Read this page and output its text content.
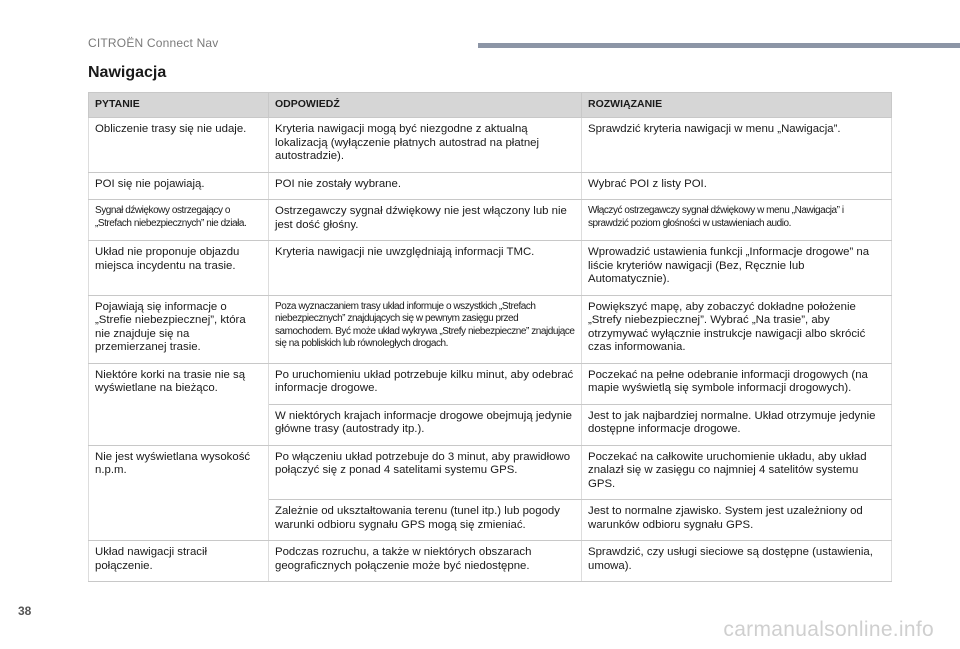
CITROËN Connect Nav
Nawigacja
PYTANIE	ODPOWIEDŹ	ROZWIĄZANIE
Obliczenie trasy się nie udaje.	Kryteria nawigacji mogą być niezgodne z aktualną lokalizacją (wyłączenie płatnych autostrad na płatnej autostradzie).	Sprawdzić kryteria nawigacji w menu „Nawigacja”.
POI się nie pojawiają.	POI nie zostały wybrane.	Wybrać POI z listy POI.
Sygnał dźwiękowy ostrzegający o „Strefach niebezpiecznych” nie działa.	Ostrzegawczy sygnał dźwiękowy nie jest włączony lub nie jest dość głośny.	Włączyć ostrzegawczy sygnał dźwiękowy w menu „Nawigacja” i sprawdzić poziom głośności w ustawieniach audio.
Układ nie proponuje objazdu miejsca incydentu na trasie.	Kryteria nawigacji nie uwzględniają informacji TMC.	Wprowadzić ustawienia funkcji „Informacje drogowe” na liście kryteriów nawigacji (Bez, Ręcznie lub Automatycznie).
Pojawiają się informacje o „Strefie niebezpiecznej”, która nie znajduje się na przemierzanej trasie.	Poza wyznaczaniem trasy układ informuje o wszystkich „Strefach niebezpiecznych” znajdujących się w pewnym zasięgu przed samochodem. Być może układ wykrywa „Strefy niebezpieczne” znajdujące się na pobliskich lub równoległych drogach.	Powiększyć mapę, aby zobaczyć dokładne położenie „Strefy niebezpiecznej”. Wybrać „Na trasie”, aby otrzymywać wyłącznie instrukcje nawigacji albo skrócić czas informowania.
Niektóre korki na trasie nie są wyświetlane na bieżąco.	Po uruchomieniu układ potrzebuje kilku minut, aby odebrać informacje drogowe.	Poczekać na pełne odebranie informacji drogowych (na mapie wyświetlą się symbole informacji drogowych).
	W niektórych krajach informacje drogowe obejmują jedynie główne trasy (autostrady itp.).	Jest to jak najbardziej normalne. Układ otrzymuje jedynie dostępne informacje drogowe.
Nie jest wyświetlana wysokość n.p.m.	Po włączeniu układ potrzebuje do 3 minut, aby prawidłowo połączyć się z ponad 4 satelitami systemu GPS.	Poczekać na całkowite uruchomienie układu, aby układ znalazł się w zasięgu co najmniej 4 satelitów systemu GPS.
	Zależnie od ukształtowania terenu (tunel itp.) lub pogody warunki odbioru sygnału GPS mogą się zmieniać.	Jest to normalne zjawisko. System jest uzależniony od warunków odbioru sygnału GPS.
Układ nawigacji stracił połączenie.	Podczas rozruchu, a także w niektórych obszarach geograficznych połączenie może być niedostępne.	Sprawdzić, czy usługi sieciowe są dostępne (ustawienia, umowa).
38
carmanualsonline.info
